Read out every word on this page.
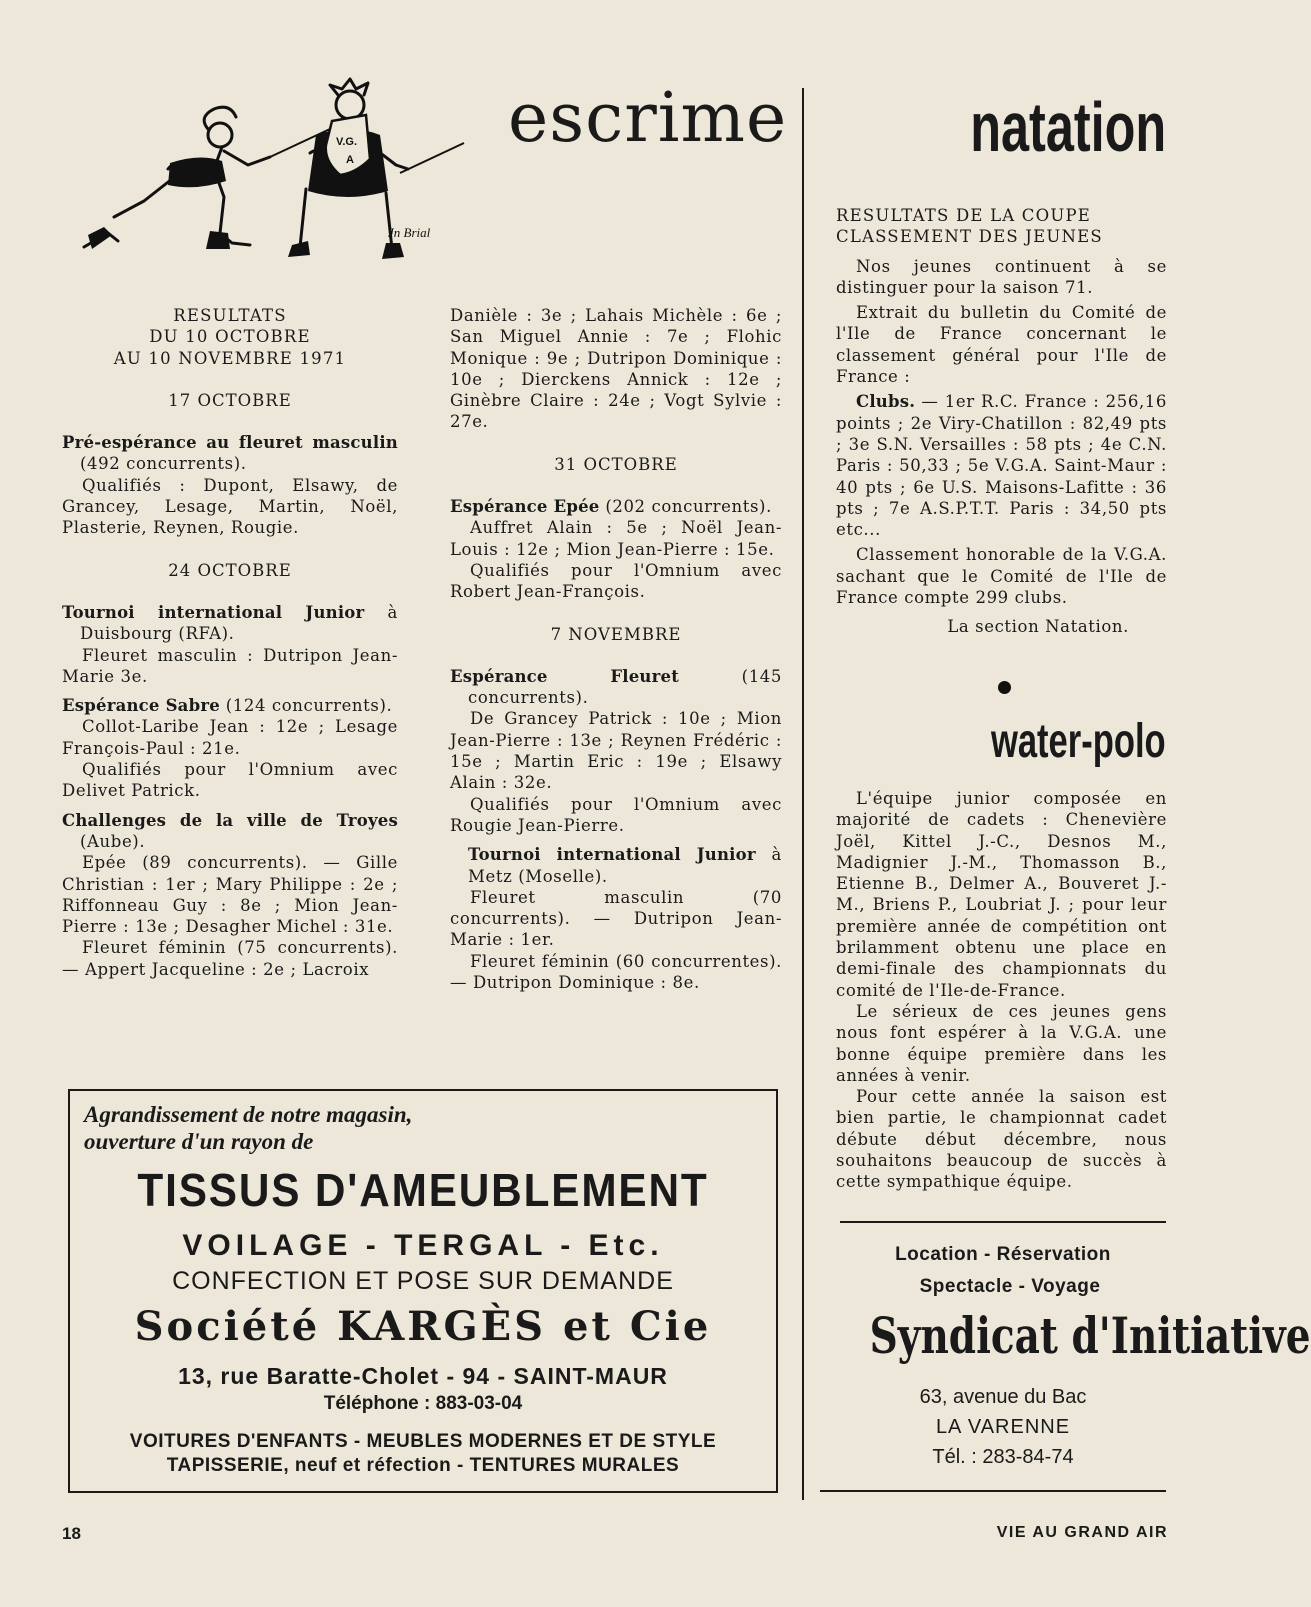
V.G.
A
Jn Brial
escrime

RESULTATS

DU 10 OCTOBRE

AU 10 NOVEMBRE 1971

17 OCTOBRE

Pré-espérance au fleuret masculin (492 concurrents).

Qualifiés : Dupont, Elsawy, de Grancey, Lesage, Martin, Noël, Plasterie, Reynen, Rougie.

24 OCTOBRE

Tournoi international Junior à Duisbourg (RFA).

Fleuret masculin : Dutripon Jean-Marie 3e.

Espérance Sabre (124 concurrents).

Collot-Laribe Jean : 12e ; Lesage François-Paul : 21e.

Qualifiés pour l'Omnium avec Delivet Patrick.

Challenges de la ville de Troyes (Aube).

Epée (89 concurrents). — Gille Christian : 1er ; Mary Philippe : 2e ; Riffonneau Guy : 8e ; Mion Jean-Pierre : 13e ; Desagher Michel : 31e.

Fleuret féminin (75 concurrents). — Appert Jacqueline : 2e ; Lacroix

Danièle : 3e ; Lahais Michèle : 6e ; San Miguel Annie : 7e ; Flohic Monique : 9e ; Dutripon Dominique : 10e ; Dierckens Annick : 12e ; Ginèbre Claire : 24e ; Vogt Sylvie : 27e.

31 OCTOBRE

Espérance Epée (202 concurrents).

Auffret Alain : 5e ; Noël Jean-Louis : 12e ; Mion Jean-Pierre : 15e.

Qualifiés pour l'Omnium avec Robert Jean-François.

7 NOVEMBRE

Espérance Fleuret (145 concurrents).

De Grancey Patrick : 10e ; Mion Jean-Pierre : 13e ; Reynen Frédéric : 15e ; Martin Eric : 19e ; Elsawy Alain : 32e.

Qualifiés pour l'Omnium avec Rougie Jean-Pierre.

Tournoi international Junior à Metz (Moselle).

Fleuret masculin (70 concurrents). — Dutripon Jean-Marie : 1er.

Fleuret féminin (60 concurrentes). — Dutripon Dominique : 8e.

natation

RESULTATS DE LA COUPE

CLASSEMENT DES JEUNES

Nos jeunes continuent à se distinguer pour la saison 71.

Extrait du bulletin du Comité de l'Ile de France concernant le classement général pour l'Ile de France :

Clubs. — 1er R.C. France : 256,16 points ; 2e Viry-Chatillon : 82,49 pts ; 3e S.N. Versailles : 58 pts ; 4e C.N. Paris : 50,33 ; 5e V.G.A. Saint-Maur : 40 pts ; 6e U.S. Maisons-Lafitte : 36 pts ; 7e A.S.P.T.T. Paris : 34,50 pts etc...

Classement honorable de la V.G.A. sachant que le Comité de l'Ile de France compte 299 clubs.

La section Natation.

water-polo

L'équipe junior composée en majorité de cadets : Chenevière Joël, Kittel J.-C., Desnos M., Madignier J.-M., Thomasson B., Etienne B., Delmer A., Bouveret J.-M., Briens P., Loubriat J. ; pour leur première année de compétition ont brilamment obtenu une place en demi-finale des championnats du comité de l'Ile-de-France.

Le sérieux de ces jeunes gens nous font espérer à la V.G.A. une bonne équipe première dans les années à venir.

Pour cette année la saison est bien partie, le championnat cadet débute début décembre, nous souhaitons beaucoup de succès à cette sympathique équipe.

Agrandissement de notre magasin,
ouverture d'un rayon de
TISSUS D'AMEUBLEMENT
VOILAGE - TERGAL - Etc.
CONFECTION ET POSE SUR DEMANDE
Société KARGÈS et Cie
13, rue Baratte-Cholet - 94 - SAINT-MAUR
Téléphone : 883-03-04
VOITURES D'ENFANTS - MEUBLES MODERNES ET DE STYLE
TAPISSERIE, neuf et réfection - TENTURES MURALES
Location - Réservation
Spectacle - Voyage
Syndicat d'Initiative
63, avenue du Bac
LA VARENNE
Tél. : 283-84-74
18	VIE AU GRAND AIR
